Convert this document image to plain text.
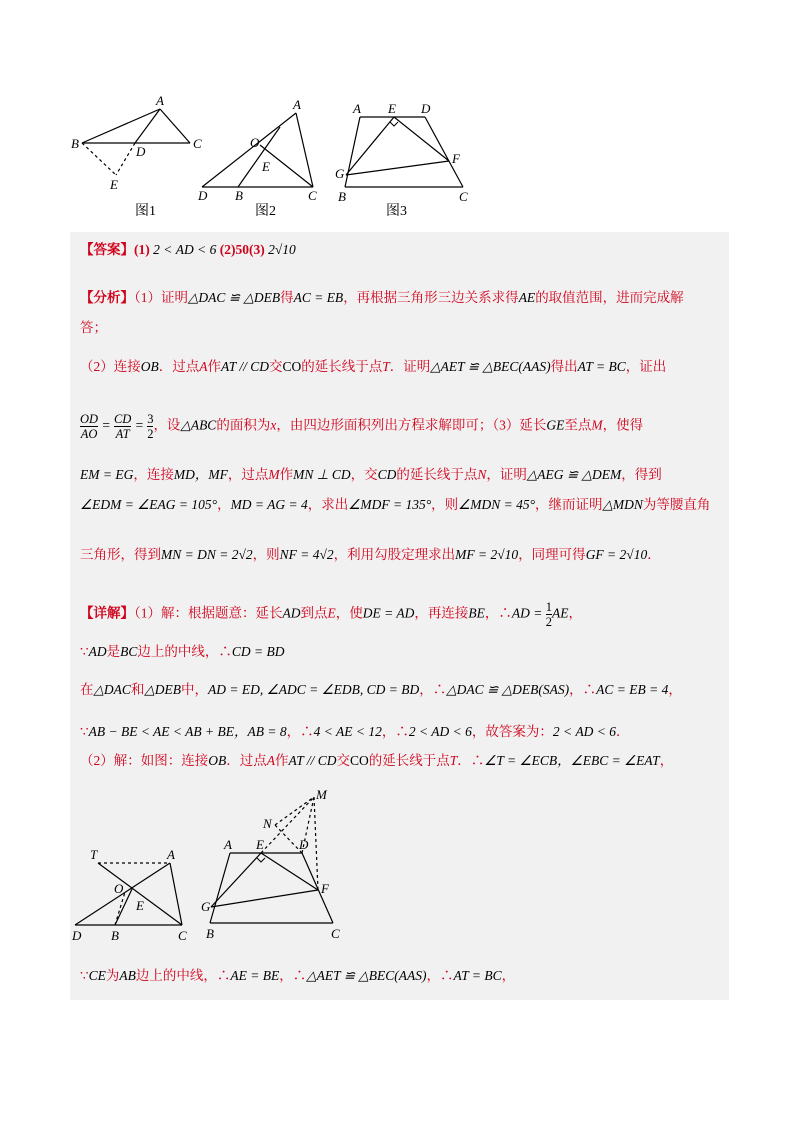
A
B	C
D
E
图1
A
O
E
D B	C
图2
A E D
G
F
B	C
图3
【答案】(1) 2 < AD < 6 (2)50(3) 2√10
【分析】（1）证明△DAC ≌ △DEB得AC = EB，再根据三角形三边关系求得AE的取值范围，进而完成解
答；
（2）连接OB．过点A作AT // CD交CO的延长线于点T．证明△AET ≌ △BEC(AAS)得出AT = BC，证出
$\frac{OD}{AO} = \frac{CD}{AT} = \frac{3}{2}$ ，设△ABC的面积为x，由四边形面积列出方程求解即可；（3）延长GE至点M，使得
EM = EG，连接MD，MF，过点M作MN ⊥ CD，交CD的延长线于点N，证明△AEG ≌ △DEM，得到
∠EDM = ∠EAG = 105°，MD = AG = 4，求出∠MDF = 135°，则∠MDN = 45°，继而证明△MDN为等腰直角
三角形，得到MN = DN = 2√2，则NF = 4√2，利用勾股定理求出MF = 2√10，同理可得GF = 2√10．
【详解】（1）解：根据题意：延长AD到点E，使DE = AD，再连接BE，∴AD = $\frac{1}{2}$ AE，
∵AD是BC边上的中线，∴CD = BD
在△DAC和△DEB中，AD = ED, ∠ADC = ∠EDB, CD = BD，∴△DAC ≌ △DEB(SAS)，∴AC = EB = 4，
∵AB − BE < AE < AB + BE，AB = 8，∴4 < AE < 12，∴2 < AD < 6，故答案为：2 < AD < 6．
（2）解：如图：连接OB．过点A作AT // CD交CO的延长线于点T．∴∠T = ∠ECB，∠EBC = ∠EAT，
T	A
O
E
D B	C
M
N
A E	D
G
F
B	C
∵CE为AB边上的中线，∴AE = BE，∴△AET ≌ △BEC(AAS)，∴AT = BC，
